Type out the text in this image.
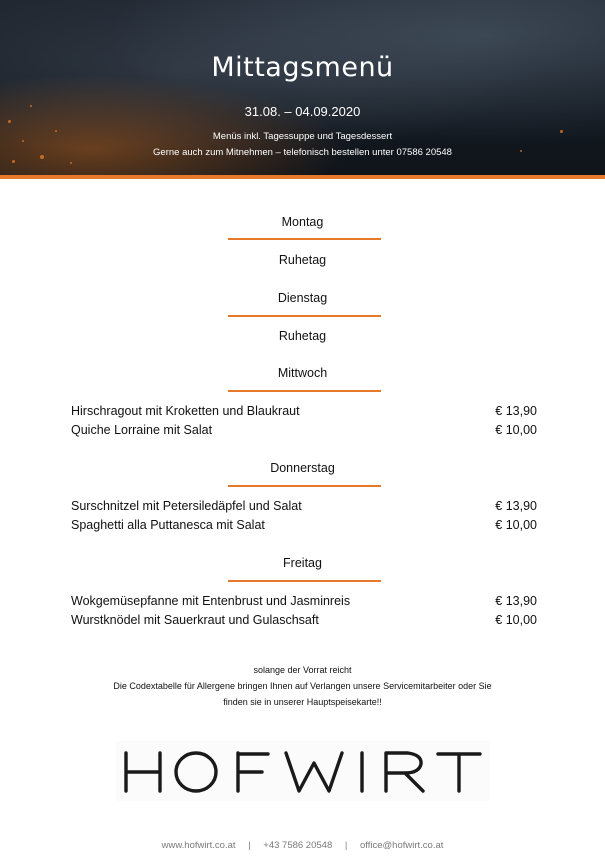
Mittagsmenü
31.08. – 04.09.2020
Menüs inkl. Tagessuppe und Tagesdessert
Gerne auch zum Mitnehmen – telefonisch bestellen unter 07586 20548
Montag
Ruhetag
Dienstag
Ruhetag
Mittwoch
Hirschragout mit Kroketten und Blaukraut	€ 13,90
Quiche Lorraine mit Salat	€ 10,00
Donnerstag
Surschnitzel mit Petersiledäpfel und Salat	€ 13,90
Spaghetti alla Puttanesca mit Salat	€ 10,00
Freitag
Wokgemüsepfanne mit Entenbrust und Jasminreis	€ 13,90
Wurstknödel mit Sauerkraut und Gulaschsaft	€ 10,00
solange der Vorrat reicht
Die Codextabelle für Allergene bringen Ihnen auf Verlangen unsere Servicemitarbeiter oder Sie
finden sie in unserer Hauptspeisekarte!!
www.hofwirt.co.at | +43 7586 20548 | office@hofwirt.co.at
